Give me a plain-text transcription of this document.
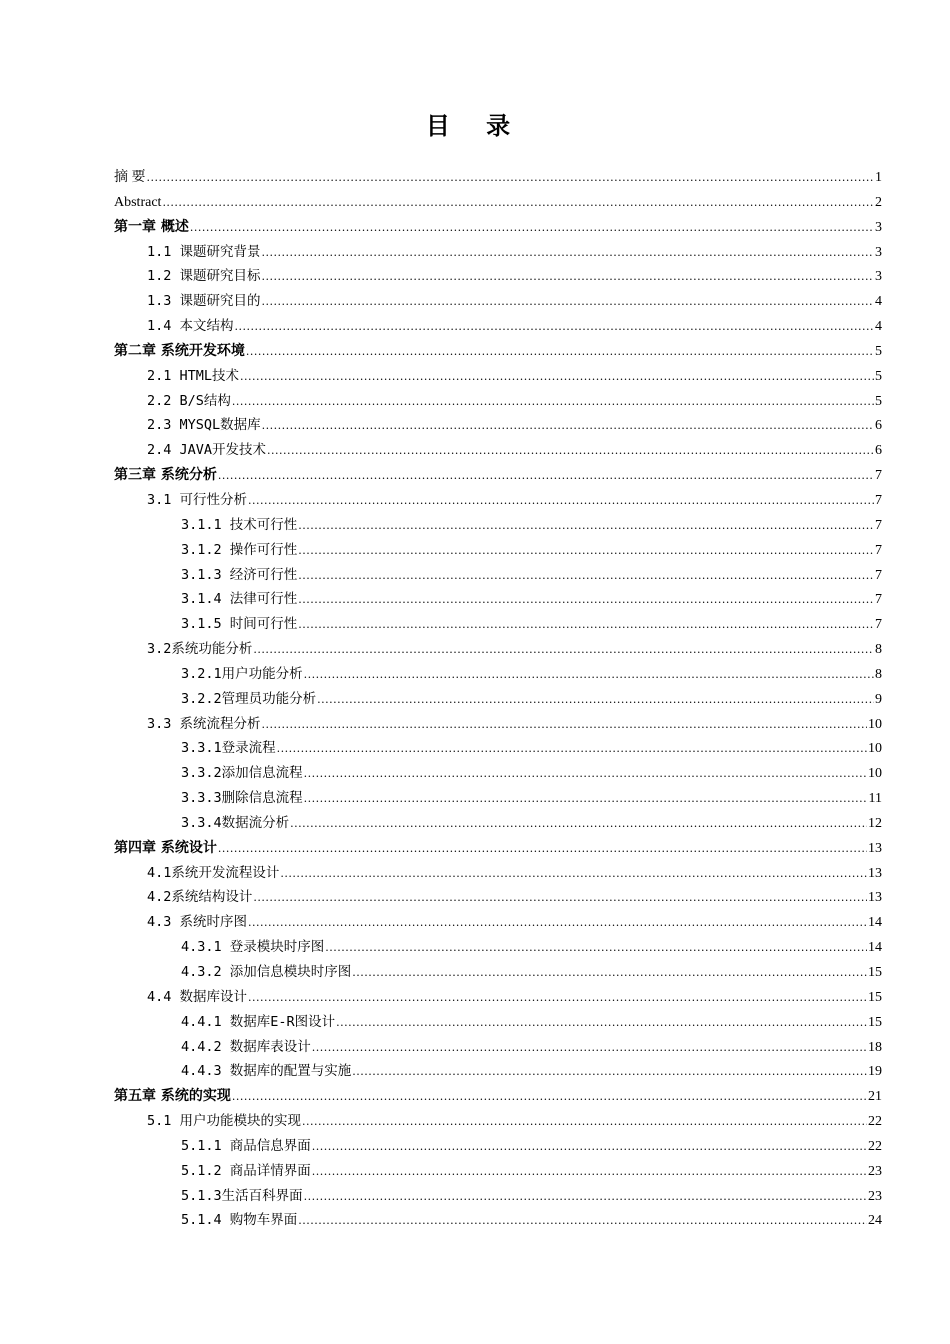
目 录
摘 要 .....	1
Abstract .....	2
第一章 概述 .....	3
1.1 课题研究背景 .....	3
1.2 课题研究目标 .....	3
1.3 课题研究目的 .....	4
1.4 本文结构 .....	4
第二章 系统开发环境 .....	5
2.1 HTML技术 .....	5
2.2 B/S结构 .....	5
2.3 MYSQL数据库 .....	6
2.4 JAVA开发技术 .....	6
第三章 系统分析 .....	7
3.1 可行性分析 .....	7
3.1.1 技术可行性 .....	7
3.1.2 操作可行性 .....	7
3.1.3 经济可行性 .....	7
3.1.4 法律可行性 .....	7
3.1.5 时间可行性 .....	7
3.2系统功能分析 .....	8
3.2.1用户功能分析 .....	8
3.2.2管理员功能分析 .....	9
3.3 系统流程分析 .....	10
3.3.1登录流程 .....	10
3.3.2添加信息流程 .....	10
3.3.3删除信息流程 .....	11
3.3.4数据流分析 .....	12
第四章 系统设计 .....	13
4.1系统开发流程设计 .....	13
4.2系统结构设计 .....	13
4.3 系统时序图 .....	14
4.3.1 登录模块时序图 .....	14
4.3.2 添加信息模块时序图 .....	15
4.4 数据库设计 .....	15
4.4.1 数据库E-R图设计 .....	15
4.4.2 数据库表设计 .....	18
4.4.3 数据库的配置与实施 .....	19
第五章 系统的实现 .....	21
5.1 用户功能模块的实现 .....	22
5.1.1 商品信息界面 .....	22
5.1.2 商品详情界面 .....	23
5.1.3生活百科界面 .....	23
5.1.4 购物车界面 .....	24
